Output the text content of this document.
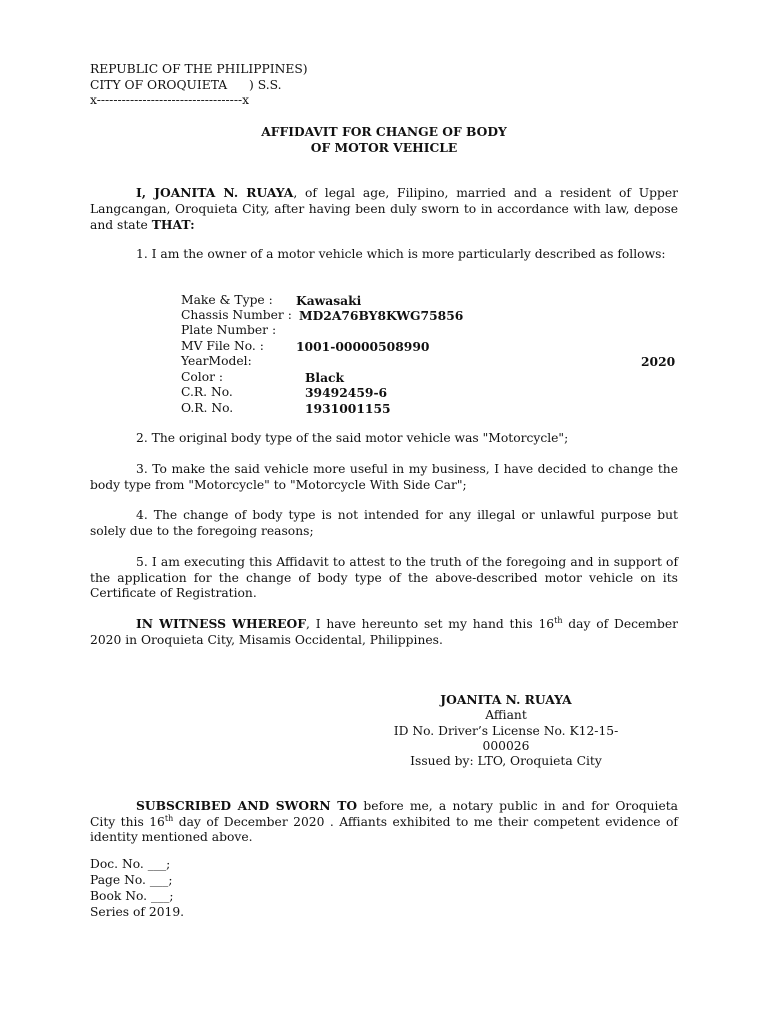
REPUBLIC OF THE PHILIPPINES)
CITY OF OROQUIETA ) S.S.
x-----------------------------------x
AFFIDAVIT FOR CHANGE OF BODY
OF MOTOR VEHICLE
I, JOANITA N. RUAYA, of legal age, Filipino, married and a resident of Upper Langcangan, Oroquieta City, after having been duly sworn to in accordance with law, depose and state THAT:
1. I am the owner of a motor vehicle which is more particularly described as follows:
Make & Type : Kawasaki
Chassis Number : MD2A76BY8KWG75856
Plate Number :
MV File No. :	1001-00000508990
YearModel:	2020
Color :	Black
C.R. No.	39492459-6
O.R. No.	1931001155
2. The original body type of the said motor vehicle was "Motorcycle";
3. To make the said vehicle more useful in my business, I have decided to change the body type from "Motorcycle" to "Motorcycle With Side Car";
4. The change of body type is not intended for any illegal or unlawful purpose but solely due to the foregoing reasons;
5. I am executing this Affidavit to attest to the truth of the foregoing and in support of the application for the change of body type of the above-described motor vehicle on its Certificate of Registration.
IN WITNESS WHEREOF, I have hereunto set my hand this 16th day of December 2020 in Oroquieta City, Misamis Occidental, Philippines.
JOANITA N. RUAYA
Affiant
ID No. Driver’s License No. K12-15-
000026
Issued by: LTO, Oroquieta City
SUBSCRIBED AND SWORN TO before me, a notary public in and for Oroquieta City this 16th day of December 2020 . Affiants exhibited to me their competent evidence of identity mentioned above.
Doc. No. ___;
Page No. ___;
Book No. ___;
Series of 2019.
